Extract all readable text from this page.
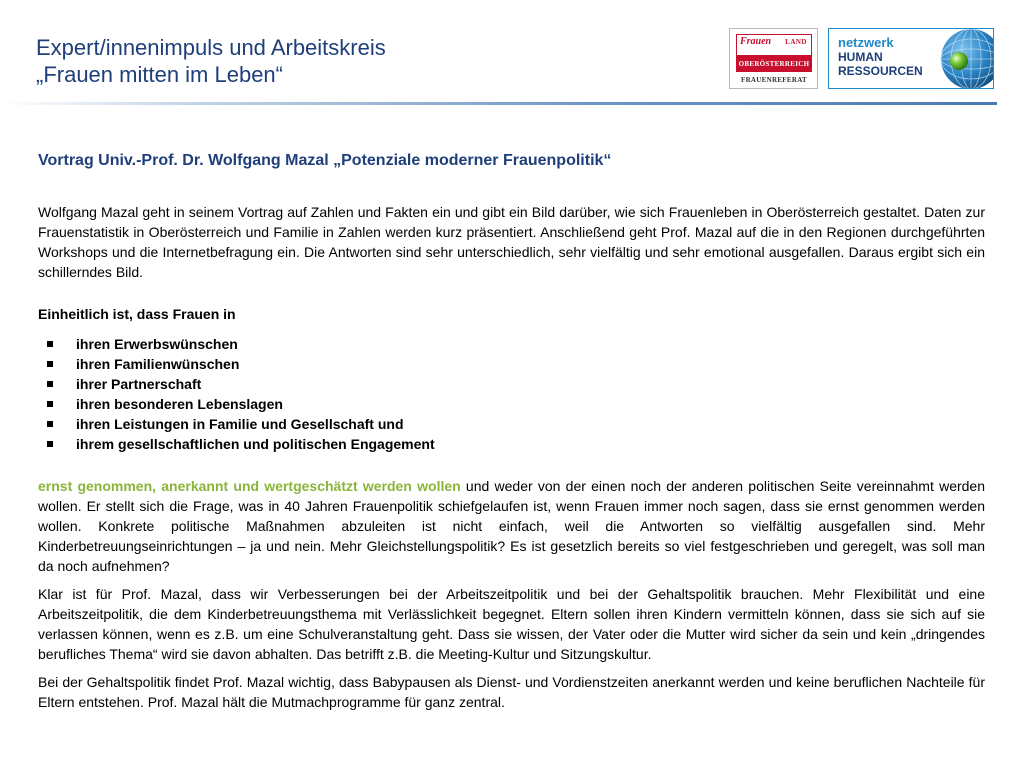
Expert/innenimpuls und Arbeitskreis
„Frauen mitten im Leben“
Frauen LAND
OBERÖSTERREICH
FRAUENREFERAT
netzwerk
HUMAN
RESSOURCEN
Vortrag Univ.-Prof. Dr. Wolfgang Mazal „Potenziale moderner Frauenpolitik“

Wolfgang Mazal geht in seinem Vortrag auf Zahlen und Fakten ein und gibt ein Bild darüber, wie sich Frauenleben in Oberösterreich gestaltet. Daten zur Frauenstatistik in Oberösterreich und Familie in Zahlen werden kurz präsentiert. Anschließend geht Prof. Mazal auf die in den Regionen durchgeführten Workshops und die Internetbefragung ein. Die Antworten sind sehr unterschiedlich, sehr vielfältig und sehr emotional ausgefallen. Daraus ergibt sich ein schillerndes Bild.

Einheitlich ist, dass Frauen in
ihren Erwerbswünschen
ihren Familienwünschen
ihrer Partnerschaft
ihren besonderen Lebenslagen
ihren Leistungen in Familie und Gesellschaft und
ihrem gesellschaftlichen und politischen Engagement

ernst genommen, anerkannt und wertgeschätzt werden wollen und weder von der einen noch der anderen politischen Seite vereinnahmt werden wollen. Er stellt sich die Frage, was in 40 Jahren Frauenpolitik schiefgelaufen ist, wenn Frauen immer noch sagen, dass sie ernst genommen werden wollen. Konkrete politische Maßnahmen abzuleiten ist nicht einfach, weil die Antworten so vielfältig ausgefallen sind. Mehr Kinderbetreuungseinrichtungen – ja und nein. Mehr Gleichstellungspolitik? Es ist gesetzlich bereits so viel festgeschrieben und geregelt, was soll man da noch aufnehmen?

Klar ist für Prof. Mazal, dass wir Verbesserungen bei der Arbeitszeitpolitik und bei der Gehaltspolitik brauchen. Mehr Flexibilität und eine Arbeitszeitpolitik, die dem Kinderbetreuungsthema mit Verlässlichkeit begegnet. Eltern sollen ihren Kindern vermitteln können, dass sie sich auf sie verlassen können, wenn es z.B. um eine Schulveranstaltung geht. Dass sie wissen, der Vater oder die Mutter wird sicher da sein und kein „dringendes berufliches Thema“ wird sie davon abhalten. Das betrifft z.B. die Meeting-Kultur und Sitzungskultur.

Bei der Gehaltspolitik findet Prof. Mazal wichtig, dass Babypausen als Dienst- und Vordienstzeiten anerkannt werden und keine beruflichen Nachteile für Eltern entstehen. Prof. Mazal hält die Mutmachprogramme für ganz zentral.
